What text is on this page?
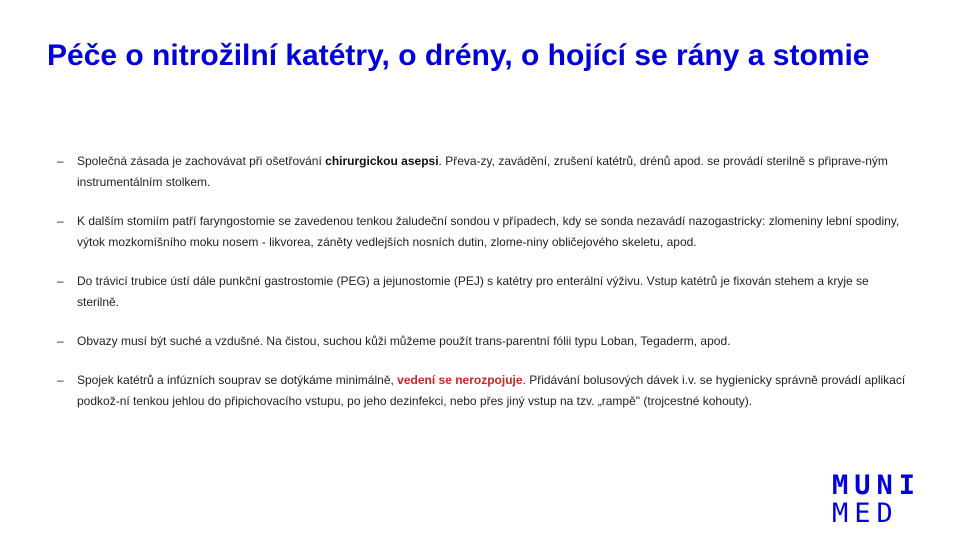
Péče o nitrožilní katétry, o drény, o hojící se rány a stomie
– Společná zásada je zachovávat při ošetřování chirurgickou asepsi. Převa-zy, zavádění, zrušení katétrů, drénů apod. se provádí sterilně s připrave-ným instrumentálním stolkem.
– K dalším stomiím patří faryngostomie se zavedenou tenkou žaludeční sondou v případech, kdy se sonda nezavádí nazogastricky: zlomeniny lební spodiny, výtok mozkomíšního moku nosem - likvorea, záněty vedlejších nosních dutin, zlome-niny obličejového skeletu, apod.
– Do trávicí trubice ústí dále punkční gastrostomie (PEG) a jejunostomie (PEJ) s katétry pro enterální výživu. Vstup katétrů je fixován stehem a kryje se sterilně.
– Obvazy musí být suché a vzdušné. Na čistou, suchou kůži můžeme použít trans-parentní fólii typu Loban, Tegaderm, apod.
– Spojek katétrů a infúzních souprav se dotýkáme minimálně, vedení se nerozpojuje. Přidávání bolusových dávek i.v. se hygienicky správně provádí aplikací podkož-ní tenkou jehlou do připichovacího vstupu, po jeho dezinfekci, nebo přes jiný vstup na tzv. „rampě" (trojcestné kohouty).
MUNI
MED
